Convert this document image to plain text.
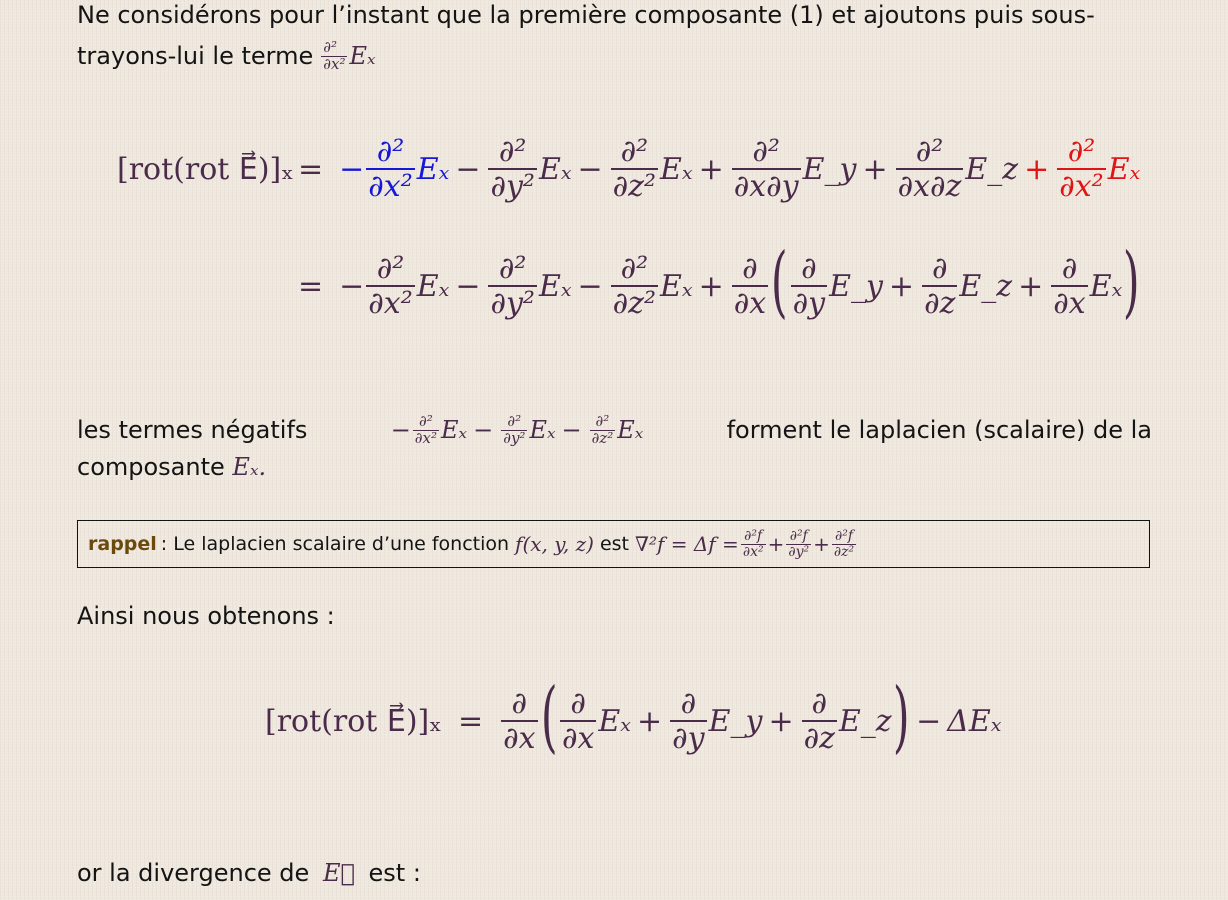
Ne considérons pour l’instant que la première composante (1) et ajoutons puis sous-
trayons-lui le terme $\frac{\text{∂²}}{\text{∂x²}}$ Eₓ
[rot(rot E⃗)]ₓ = − $\frac{\text{∂²}}{\text{∂x²}}$ $E_x - \frac{\text{∂²}}{\text{∂y²}}$ $E_x - \frac{\text{∂²}}{\text{∂z²}}$ $E_x + \frac{\text{∂²}}{\partial x\partial y}$ E_y + $\frac{\text{∂²}}{\partial x\partial z}$ E_z + $\frac{\text{∂²}}{\text{∂x²}}$ Eₓ
= − $\frac{\text{∂²}}{\text{∂x²}}$ $E_x - \frac{\text{∂²}}{\text{∂y²}}$ $E_x - \frac{\text{∂²}}{\text{∂z²}}$ $E_x + \frac{\partial}{\partial x}$ ( $\frac{\partial}{\partial y}$ E_y + $\frac{\partial}{\partial z}$ E_z + $\frac{\partial}{\partial x}$ Eₓ )
les termes négatifs	− $\frac{\text{∂²}}{\text{∂x²}}$ $E_x - \frac{\text{∂²}}{\text{∂y²}}$ $E_x - \frac{\text{∂²}}{\text{∂z²}}$ Eₓ	forment le laplacien (scalaire) de la
composante Eₓ.
rappel : Le laplacien scalaire d’une fonction f(x, y, z) est $\nabla^2f = \Delta f = \frac{\text{∂²f}}{\text{∂x²}} + \frac{\text{∂²f}}{\text{∂y²}} + \frac{\text{∂²f}}{\text{∂z²}}$
Ainsi nous obtenons :
[rot(rot E⃗)]ₓ = $\frac{\partial}{\partial x}$ ( $\frac{\partial}{\partial x}$ $E_x + \frac{\partial}{\partial y}$ E_y + $\frac{\partial}{\partial z}$ E_z ) − ΔEₓ
or la divergence de E⃗ est :
